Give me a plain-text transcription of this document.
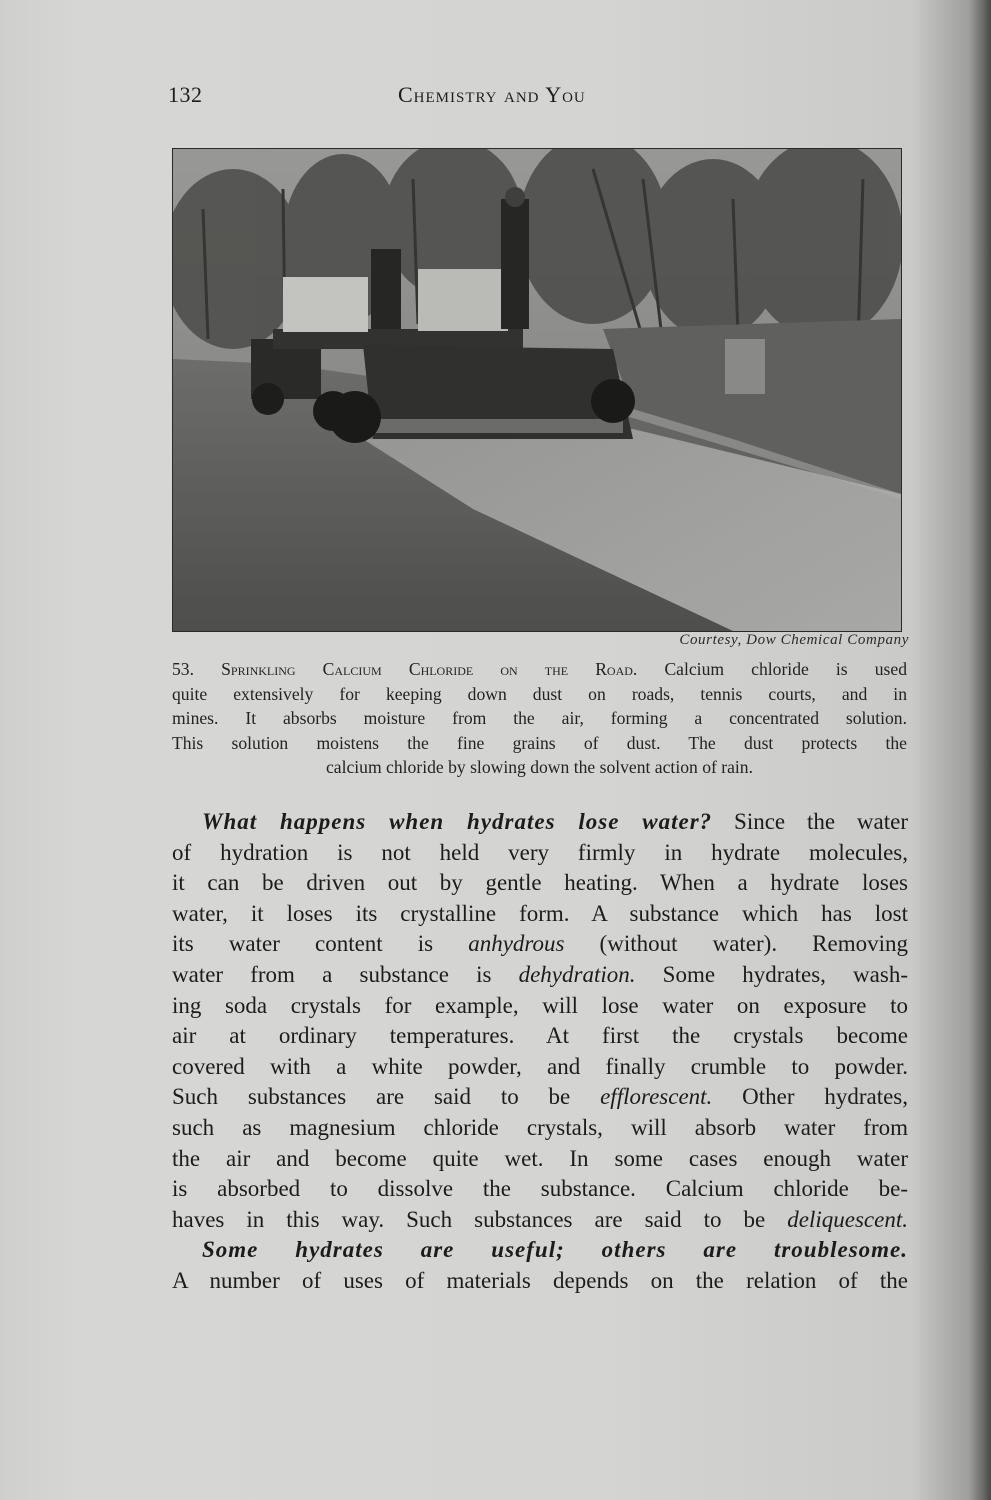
132	Chemistry and You
Courtesy, Dow Chemical Company
53. Sprinkling Calcium Chloride on the Road. Calcium chloride is used
quite extensively for keeping down dust on roads, tennis courts, and in
mines. It absorbs moisture from the air, forming a concentrated solution.
This solution moistens the fine grains of dust. The dust protects the
calcium chloride by slowing down the solvent action of rain.
What happens when hydrates lose water? Since the water
of hydration is not held very firmly in hydrate molecules,
it can be driven out by gentle heating. When a hydrate loses
water, it loses its crystalline form. A substance which has lost
its water content is anhydrous (without water). Removing
water from a substance is dehydration. Some hydrates, wash-
ing soda crystals for example, will lose water on exposure to
air at ordinary temperatures. At first the crystals become
covered with a white powder, and finally crumble to powder.
Such substances are said to be efflorescent. Other hydrates,
such as magnesium chloride crystals, will absorb water from
the air and become quite wet. In some cases enough water
is absorbed to dissolve the substance. Calcium chloride be-
haves in this way. Such substances are said to be deliquescent.
Some hydrates are useful; others are troublesome.
A number of uses of materials depends on the relation of the
